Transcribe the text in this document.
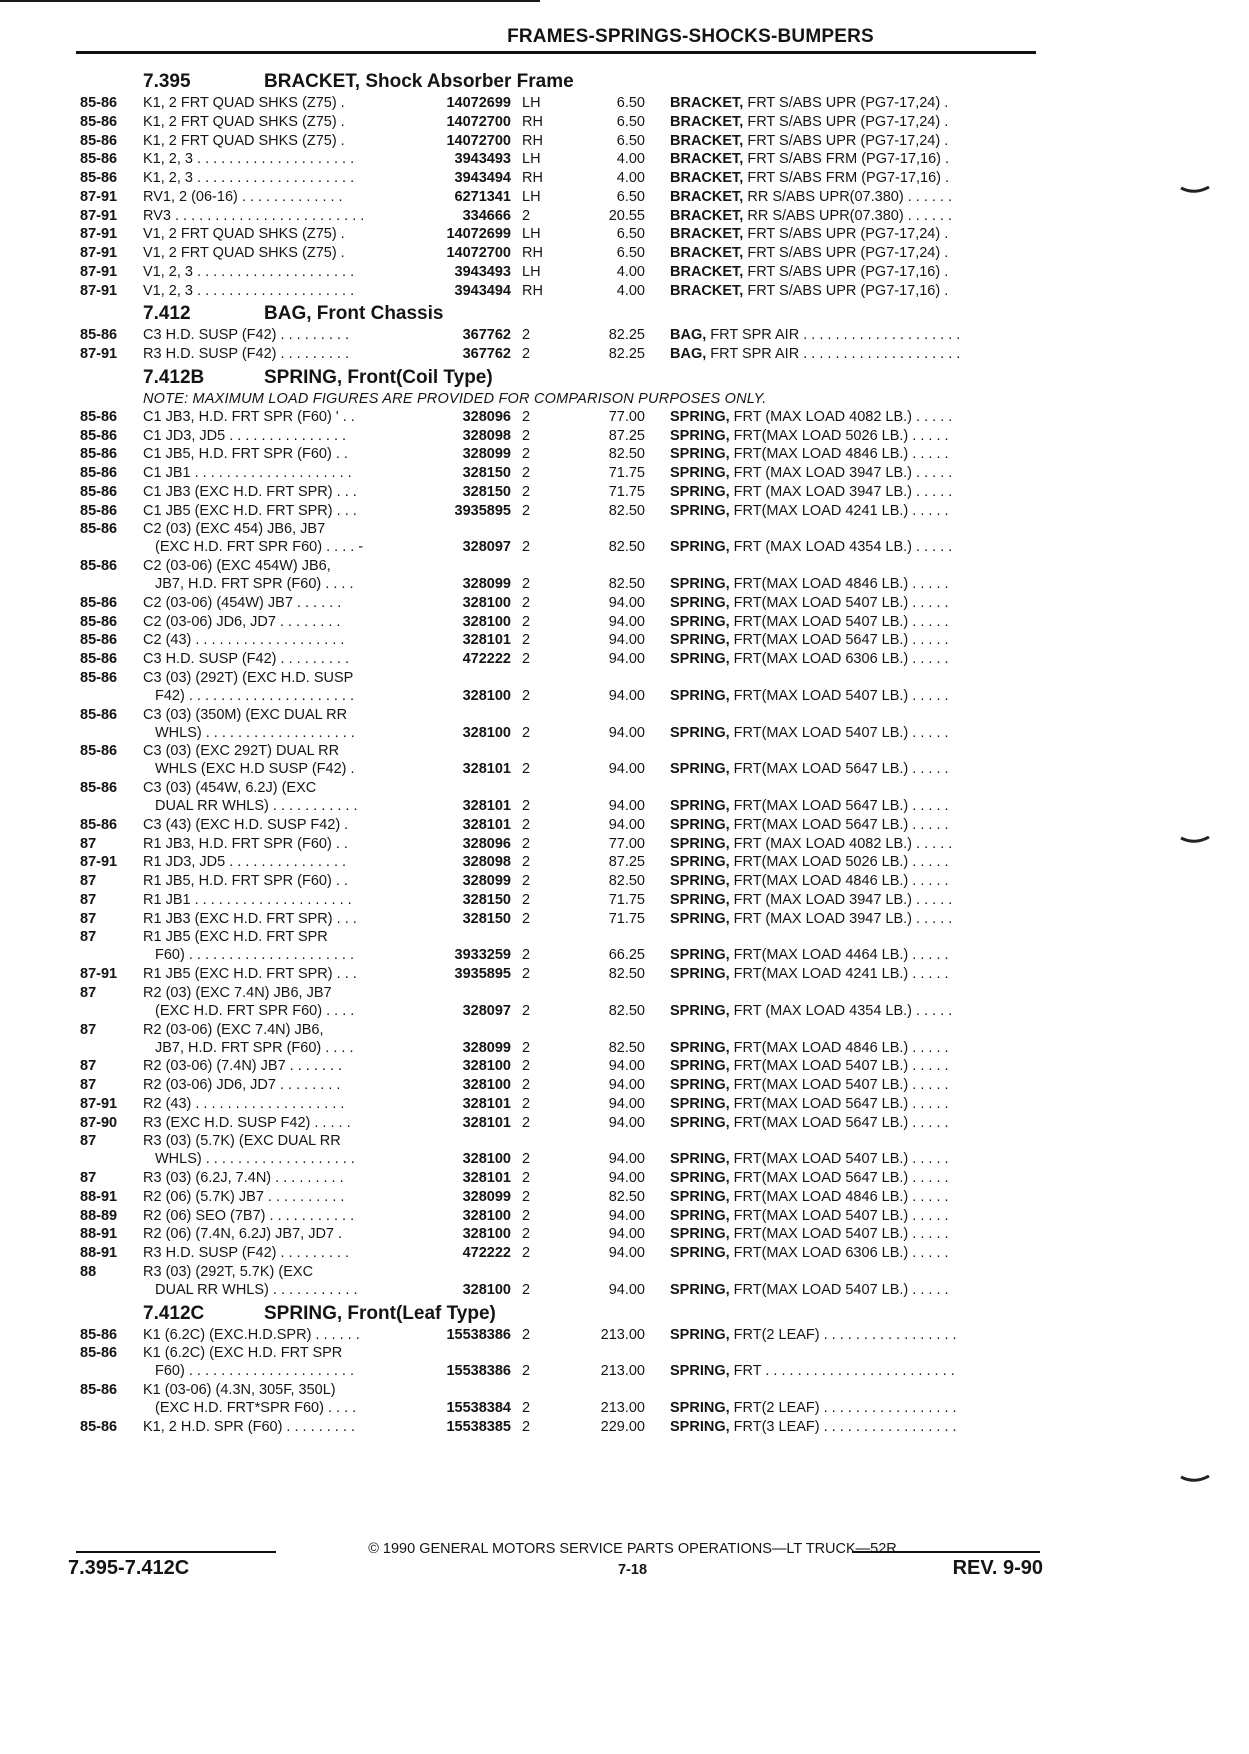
FRAMES-SPRINGS-SHOCKS-BUMPERS
7.395	BRACKET, Shock Absorber Frame
85-86 K1, 2 FRT QUAD SHKS (Z75) .	14072699 LH	6.50 BRACKET, FRT S/ABS UPR (PG7-17,24) .
85-86 K1, 2 FRT QUAD SHKS (Z75) .	14072700 RH	6.50 BRACKET, FRT S/ABS UPR (PG7-17,24) .
85-86 K1, 2 FRT QUAD SHKS (Z75) .	14072700 RH	6.50 BRACKET, FRT S/ABS UPR (PG7-17,24) .
85-86 K1, 2, 3 . . . . . . . . . . . . . . . . . . . .	3943493 LH	4.00 BRACKET, FRT S/ABS FRM (PG7-17,16) .
85-86 K1, 2, 3 . . . . . . . . . . . . . . . . . . . .	3943494 RH	4.00 BRACKET, FRT S/ABS FRM (PG7-17,16) .
87-91 RV1, 2 (06-16) . . . . . . . . . . . . .	6271341 LH	6.50 BRACKET, RR S/ABS UPR(07.380) . . . . . .
87-91 RV3 . . . . . . . . . . . . . . . . . . . . . . . .	334666 2	20.55 BRACKET, RR S/ABS UPR(07.380) . . . . . .
87-91 V1, 2 FRT QUAD SHKS (Z75) .	14072699 LH	6.50 BRACKET, FRT S/ABS UPR (PG7-17,24) .
87-91 V1, 2 FRT QUAD SHKS (Z75) .	14072700 RH	6.50 BRACKET, FRT S/ABS UPR (PG7-17,24) .
87-91 V1, 2, 3 . . . . . . . . . . . . . . . . . . . .	3943493 LH	4.00 BRACKET, FRT S/ABS UPR (PG7-17,16) .
87-91 V1, 2, 3 . . . . . . . . . . . . . . . . . . . .	3943494 RH	4.00 BRACKET, FRT S/ABS UPR (PG7-17,16) .
7.412	BAG, Front Chassis
85-86 C3 H.D. SUSP (F42) . . . . . . . . .	367762 2	82.25 BAG, FRT SPR AIR . . . . . . . . . . . . . . . . . . . .
87-91 R3 H.D. SUSP (F42) . . . . . . . . .	367762 2	82.25 BAG, FRT SPR AIR . . . . . . . . . . . . . . . . . . . .
7.412B	SPRING, Front(Coil Type)
NOTE: MAXIMUM LOAD FIGURES ARE PROVIDED FOR COMPARISON PURPOSES ONLY.
85-86 C1 JB3, H.D. FRT SPR (F60) ' . .	328096 2	77.00 SPRING, FRT (MAX LOAD 4082 LB.) . . . . .
85-86 C1 JD3, JD5 . . . . . . . . . . . . . . .	328098 2	87.25 SPRING, FRT(MAX LOAD 5026 LB.) . . . . .
85-86 C1 JB5, H.D. FRT SPR (F60) . .	328099 2	82.50 SPRING, FRT(MAX LOAD 4846 LB.) . . . . .
85-86 C1 JB1 . . . . . . . . . . . . . . . . . . . .	328150 2	71.75 SPRING, FRT (MAX LOAD 3947 LB.) . . . . .
85-86 C1 JB3 (EXC H.D. FRT SPR) . . .	328150 2	71.75 SPRING, FRT (MAX LOAD 3947 LB.) . . . . .
85-86 C1 JB5 (EXC H.D. FRT SPR) . . .	3935895 2	82.50 SPRING, FRT(MAX LOAD 4241 LB.) . . . . .
85-86 C2 (03) (EXC 454) JB6, JB7
(EXC H.D. FRT SPR F60) . . . . -	328097 2	82.50 SPRING, FRT (MAX LOAD 4354 LB.) . . . . .
85-86 C2 (03-06) (EXC 454W) JB6,
JB7, H.D. FRT SPR (F60) . . . .	328099 2	82.50 SPRING, FRT(MAX LOAD 4846 LB.) . . . . .
85-86 C2 (03-06) (454W) JB7 . . . . . .	328100 2	94.00 SPRING, FRT(MAX LOAD 5407 LB.) . . . . .
85-86 C2 (03-06) JD6, JD7 . . . . . . . .	328100 2	94.00 SPRING, FRT(MAX LOAD 5407 LB.) . . . . .
85-86 C2 (43) . . . . . . . . . . . . . . . . . . .	328101 2	94.00 SPRING, FRT(MAX LOAD 5647 LB.) . . . . .
85-86 C3 H.D. SUSP (F42) . . . . . . . . .	472222 2	94.00 SPRING, FRT(MAX LOAD 6306 LB.) . . . . .
85-86 C3 (03) (292T) (EXC H.D. SUSP
F42) . . . . . . . . . . . . . . . . . . . . .	328100 2	94.00 SPRING, FRT(MAX LOAD 5407 LB.) . . . . .
85-86 C3 (03) (350M) (EXC DUAL RR
WHLS) . . . . . . . . . . . . . . . . . . .	328100 2	94.00 SPRING, FRT(MAX LOAD 5407 LB.) . . . . .
85-86 C3 (03) (EXC 292T) DUAL RR
WHLS (EXC H.D SUSP (F42) .	328101 2	94.00 SPRING, FRT(MAX LOAD 5647 LB.) . . . . .
85-86 C3 (03) (454W, 6.2J) (EXC
DUAL RR WHLS) . . . . . . . . . . .	328101 2	94.00 SPRING, FRT(MAX LOAD 5647 LB.) . . . . .
85-86 C3 (43) (EXC H.D. SUSP F42) .	328101 2	94.00 SPRING, FRT(MAX LOAD 5647 LB.) . . . . .
87	R1 JB3, H.D. FRT SPR (F60) . .	328096 2	77.00 SPRING, FRT (MAX LOAD 4082 LB.) . . . . .
87-91 R1 JD3, JD5 . . . . . . . . . . . . . . .	328098 2	87.25 SPRING, FRT(MAX LOAD 5026 LB.) . . . . .
87	R1 JB5, H.D. FRT SPR (F60) . .	328099 2	82.50 SPRING, FRT(MAX LOAD 4846 LB.) . . . . .
87	R1 JB1 . . . . . . . . . . . . . . . . . . . .	328150 2	71.75 SPRING, FRT (MAX LOAD 3947 LB.) . . . . .
87	R1 JB3 (EXC H.D. FRT SPR) . . .	328150 2	71.75 SPRING, FRT (MAX LOAD 3947 LB.) . . . . .
87	R1 JB5 (EXC H.D. FRT SPR
F60) . . . . . . . . . . . . . . . . . . . . .	3933259 2	66.25 SPRING, FRT(MAX LOAD 4464 LB.) . . . . .
87-91 R1 JB5 (EXC H.D. FRT SPR) . . .	3935895 2	82.50 SPRING, FRT(MAX LOAD 4241 LB.) . . . . .
87	R2 (03) (EXC 7.4N) JB6, JB7
(EXC H.D. FRT SPR F60) . . . .	328097 2	82.50 SPRING, FRT (MAX LOAD 4354 LB.) . . . . .
87	R2 (03-06) (EXC 7.4N) JB6,
JB7, H.D. FRT SPR (F60) . . . .	328099 2	82.50 SPRING, FRT(MAX LOAD 4846 LB.) . . . . .
87	R2 (03-06) (7.4N) JB7 . . . . . . .	328100 2	94.00 SPRING, FRT(MAX LOAD 5407 LB.) . . . . .
87	R2 (03-06) JD6, JD7 . . . . . . . .	328100 2	94.00 SPRING, FRT(MAX LOAD 5407 LB.) . . . . .
87-91 R2 (43) . . . . . . . . . . . . . . . . . . .	328101 2	94.00 SPRING, FRT(MAX LOAD 5647 LB.) . . . . .
87-90 R3 (EXC H.D. SUSP F42) . . . . .	328101 2	94.00 SPRING, FRT(MAX LOAD 5647 LB.) . . . . .
87	R3 (03) (5.7K) (EXC DUAL RR
WHLS) . . . . . . . . . . . . . . . . . . .	328100 2	94.00 SPRING, FRT(MAX LOAD 5407 LB.) . . . . .
87	R3 (03) (6.2J, 7.4N) . . . . . . . . .	328101 2	94.00 SPRING, FRT(MAX LOAD 5647 LB.) . . . . .
88-91 R2 (06) (5.7K) JB7 . . . . . . . . . .	328099 2	82.50 SPRING, FRT(MAX LOAD 4846 LB.) . . . . .
88-89 R2 (06) SEO (7B7) . . . . . . . . . . .	328100 2	94.00 SPRING, FRT(MAX LOAD 5407 LB.) . . . . .
88-91 R2 (06) (7.4N, 6.2J) JB7, JD7 .	328100 2	94.00 SPRING, FRT(MAX LOAD 5407 LB.) . . . . .
88-91 R3 H.D. SUSP (F42) . . . . . . . . .	472222 2	94.00 SPRING, FRT(MAX LOAD 6306 LB.) . . . . .
88	R3 (03) (292T, 5.7K) (EXC
DUAL RR WHLS) . . . . . . . . . . .	328100 2	94.00 SPRING, FRT(MAX LOAD 5407 LB.) . . . . .
7.412C	SPRING, Front(Leaf Type)
85-86 K1 (6.2C) (EXC.H.D.SPR) . . . . . .	15538386 2	213.00 SPRING, FRT(2 LEAF) . . . . . . . . . . . . . . . . .
85-86 K1 (6.2C) (EXC H.D. FRT SPR
F60) . . . . . . . . . . . . . . . . . . . . .	15538386 2	213.00 SPRING, FRT . . . . . . . . . . . . . . . . . . . . . . . .
85-86 K1 (03-06) (4.3N, 305F, 350L)
(EXC H.D. FRT*SPR F60) . . . .	15538384 2	213.00 SPRING, FRT(2 LEAF) . . . . . . . . . . . . . . . . .
85-86 K1, 2 H.D. SPR (F60) . . . . . . . . .	15538385 2	229.00 SPRING, FRT(3 LEAF) . . . . . . . . . . . . . . . . .
© 1990 GENERAL MOTORS SERVICE PARTS OPERATIONS—LT TRUCK—52R
7.395-7.412C	7-18	REV. 9-90
